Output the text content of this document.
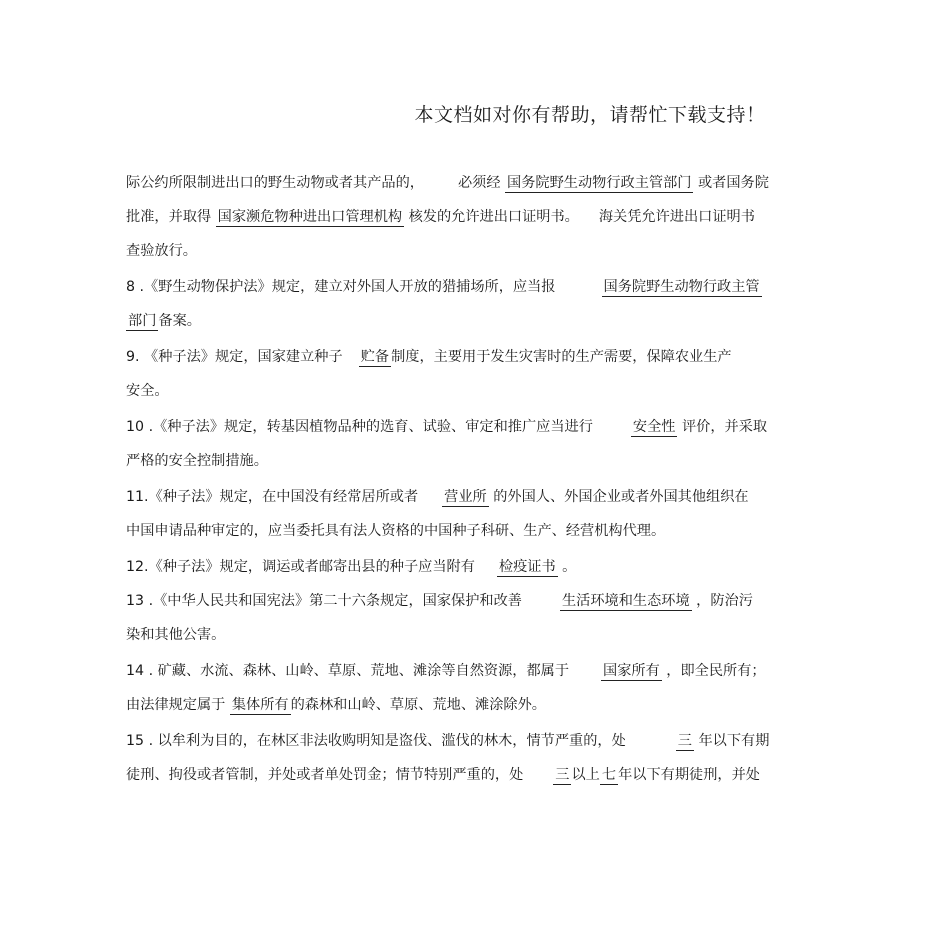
本文档如对你有帮助，请帮忙下载支持！
际公约所限制进出口的野生动物或者其产品的， 必须经 国务院野生动物行政主管部门 或者国务院
批准，并取得 国家濒危物种进出口管理机构 核发的允许进出口证明书。 海关凭允许进出口证明书
查验放行。
8 .《野生动物保护法》规定，建立对外国人开放的猎捕场所，应当报	国务院野生动物行政主管
部门 备案。
9. 《种子法》规定，国家建立种子 贮备 制度，主要用于发生灾害时的生产需要，保障农业生产
安全。
10 .《种子法》规定，转基因植物品种的选育、试验、审定和推广应当进行	安全性 评价，并采取
严格的安全控制措施。
11.《种子法》规定，在中国没有经常居所或者 营业所 的外国人、外国企业或者外国其他组织在
中国申请品种审定的，应当委托具有法人资格的中国种子科研、生产、经营机构代理。
12.《种子法》规定，调运或者邮寄出县的种子应当附有 检疫证书 。
13 .《中华人民共和国宪法》第二十六条规定，国家保护和改善	生活环境和生态环境 ，防治污
染和其他公害。
14 . 矿藏、水流、森林、山岭、草原、荒地、滩涂等自然资源，都属于 国家所有 ，即全民所有；
由法律规定属于 集体所有的森林和山岭、草原、荒地、滩涂除外。
15 . 以牟利为目的，在林区非法收购明知是盗伐、滥伐的林木，情节严重的，处	三 年以下有期
徒刑、拘役或者管制，并处或者单处罚金；情节特别严重的，处 三 以上 七 年以下有期徒刑，并处
